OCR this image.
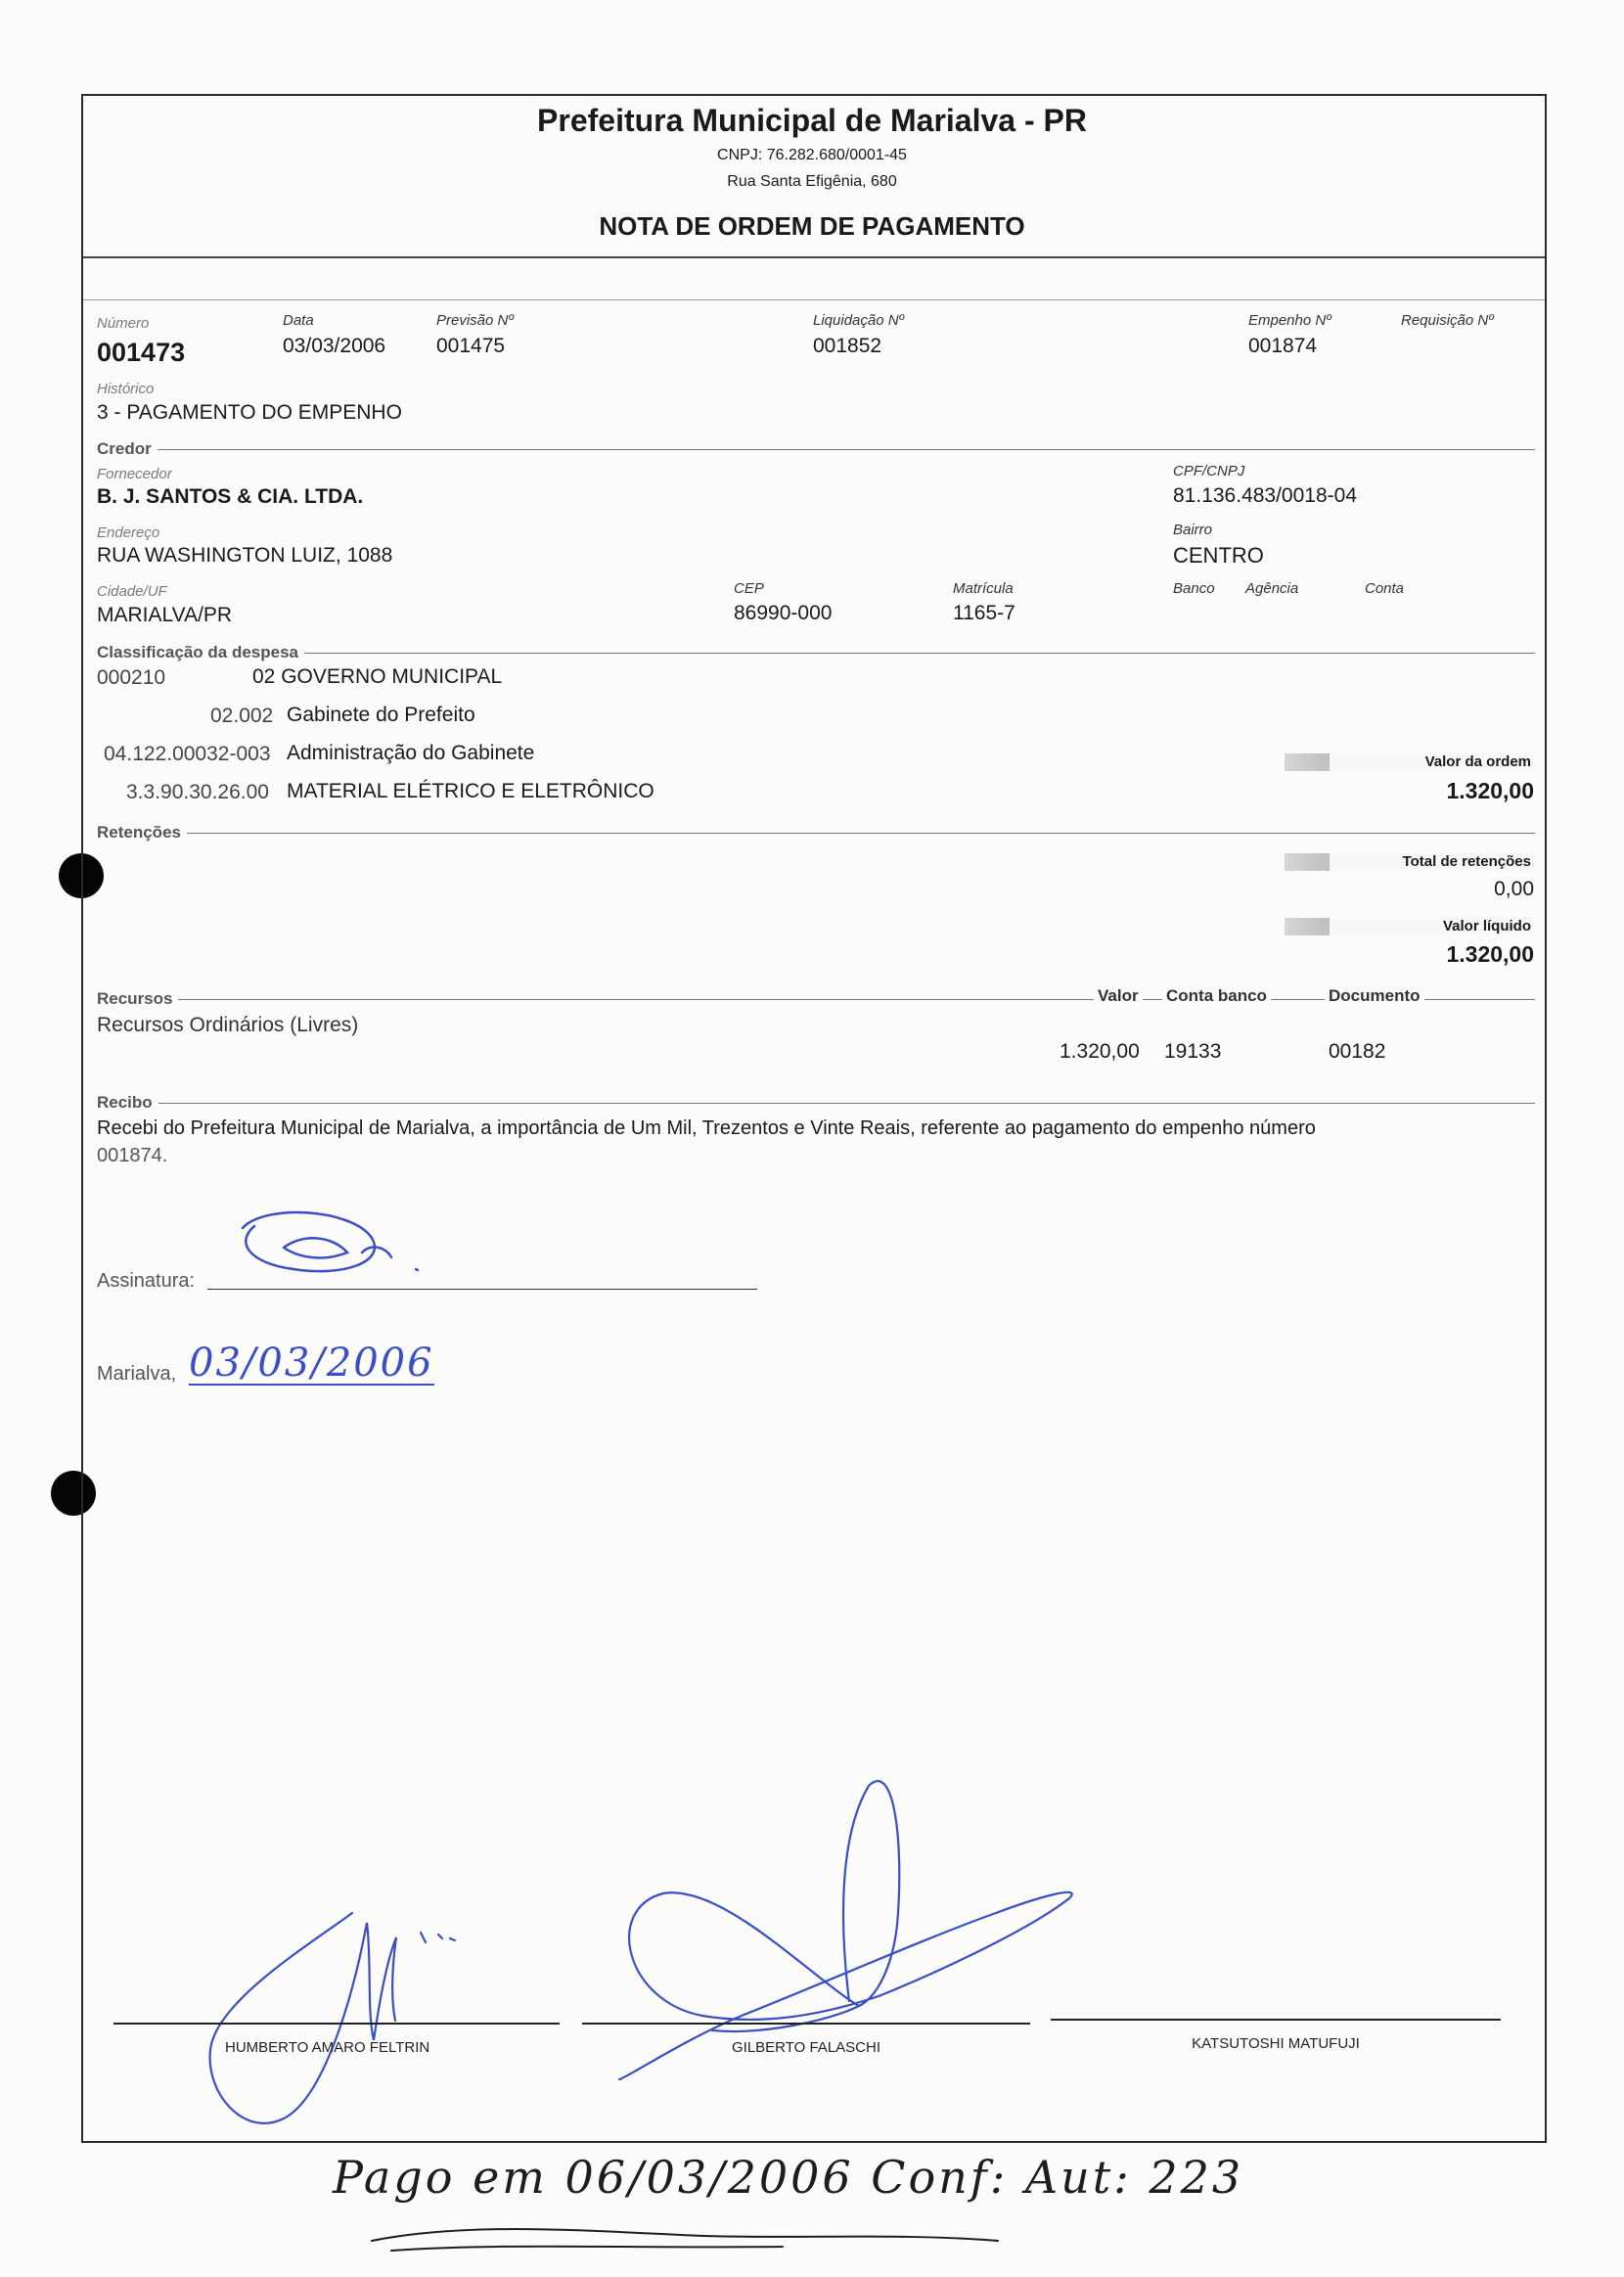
Prefeitura Municipal de Marialva - PR
CNPJ: 76.282.680/0001-45
Rua Santa Efigênia, 680
NOTA DE ORDEM DE PAGAMENTO
Número
001473
Data
03/03/2006
Previsão Nº
001475
Liquidação Nº
001852
Empenho Nº
001874
Requisição Nº
Histórico
3 - PAGAMENTO DO EMPENHO
Credor
Fornecedor
B. J. SANTOS & CIA. LTDA.
CPF/CNPJ
81.136.483/0018-04
Endereço
RUA WASHINGTON LUIZ, 1088
Bairro
CENTRO
Cidade/UF
MARIALVA/PR
CEP
86990-000
Matrícula
1165-7
Banco Agência	Conta
Classificação da despesa
000210	02 GOVERNO MUNICIPAL
02.002 Gabinete do Prefeito
04.122.00032-003 Administração do Gabinete
3.3.90.30.26.00 MATERIAL ELÉTRICO E ELETRÔNICO
Valor da ordem
1.320,00
Retenções
Total de retenções
0,00
Valor líquido
1.320,00
Recursos	Valor Conta banco	Documento
Recursos Ordinários (Livres)
1.320,00 19133	00182
Recibo
Recebi do Prefeitura Municipal de Marialva, a importância de Um Mil, Trezentos e Vinte Reais, referente ao pagamento do empenho número
001874.
Assinatura:
Marialva, 03/03/2006
HUMBERTO AMARO FELTRIN	GILBERTO FALASCHI	KATSUTOSHI MATUFUJI
Pago em 06/03/2006 Conf: Aut: 223
